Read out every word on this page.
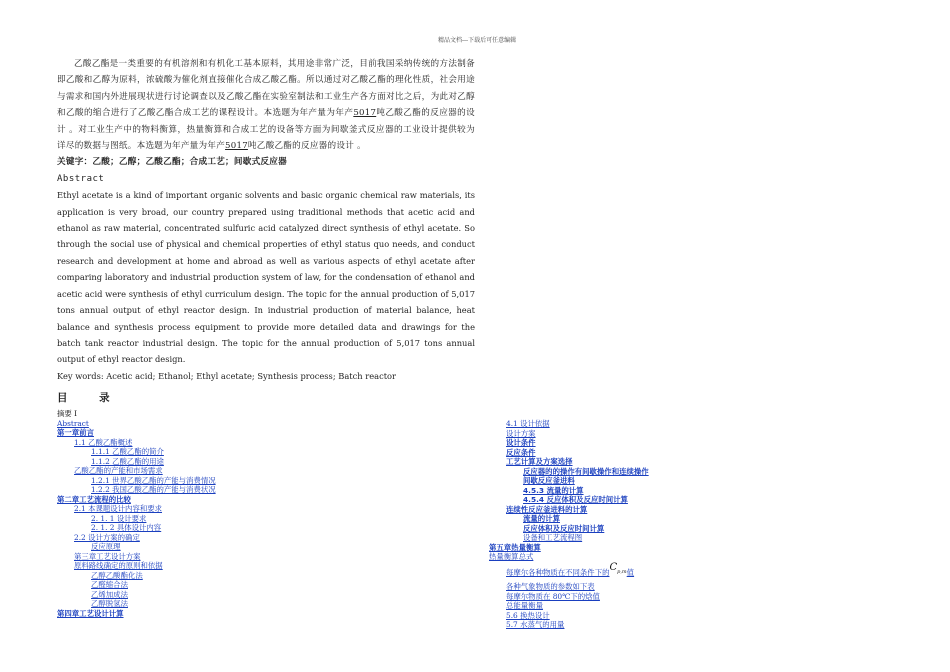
精品文档---下载后可任意编辑

乙酸乙酯是一类重要的有机溶剂和有机化工基本原料，其用途非常广泛，目前我国采纳传统的方法制备即乙酸和乙醇为原料，浓硫酸为催化剂直接催化合成乙酸乙酯。所以通过对乙酸乙酯的理化性质，社会用途与需求和国内外进展现状进行讨论调查以及乙酸乙酯在实验室制法和工业生产各方面对比之后，为此对乙醇和乙酸的缩合进行了乙酸乙酯合成工艺的课程设计。本选题为年产量为年产5017吨乙酸乙酯的反应器的设计 。对工业生产中的物料衡算，热量衡算和合成工艺的设备等方面为间歇釜式反应器的工业设计提供较为详尽的数据与图纸。本选题为年产量为年产5017吨乙酸乙酯的反应器的设计 。

关键字：乙酸；乙醇；乙酸乙酯；合成工艺；间歇式反应器

Abstract

Ethyl acetate is a kind of important organic solvents and basic organic chemical raw materials, its application is very broad, our country prepared using traditional methods that acetic acid and ethanol as raw material, concentrated sulfuric acid catalyzed direct synthesis of ethyl acetate. So through the social use of physical and chemical properties of ethyl status quo needs, and conduct research and development at home and abroad as well as various aspects of ethyl acetate after comparing laboratory and industrial production system of law, for the condensation of ethanol and acetic acid were synthesis of ethyl curriculum design. The topic for the annual production of 5,017 tons annual output of ethyl reactor design. In industrial production of material balance, heat balance and synthesis process equipment to provide more detailed data and drawings for the batch tank reactor industrial design. The topic for the annual production of 5,017 tons annual output of ethyl reactor design.

Key words: Acetic acid; Ethanol; Ethyl acetate; Synthesis process; Batch reactor

目 录
摘要 I
Abstract
第一章前言
1.1 乙酸乙酯概述
1.1.1 乙酸乙酯的简介
1.1.2 乙酸乙酯的用途
乙酸乙酯的产能和市场需求
1.2.1 世界乙酸乙酯的产能与消费情况
1.2.2 我国乙酸乙酯的产能与消费状况
第二章工艺流程的比较
2.1 本课题设计内容和要求
2. 1. 1 设计要求
2. 1. 2 具体设计内容
2.2 设计方案的确定
反应原理
第三章工艺设计方案
原料路线确定的原则和依据
乙醇乙酸酯化法
乙醛缩合法
乙烯加成法
乙醇脱氢法
第四章工艺设计计算
4.1 设计依据
设计方案
设计条件
反应条件
工艺计算及方案选择
反应器的的操作有间歇操作和连续操作
间歇反应釜进料
4.5.3 流量的计算
4.5.4 反应体积及反应时间计算
连续性反应釜进料的计算
流量的计算
反应体积及反应时间计算
设备和工艺流程图
第五章热量衡算
热量衡算总式
每摩尔各种物质在不同条件下的$C_{p,m}$值
各种气象物质的参数如下表
每摩尔物质在 80℃下的焓值
总能量衡量
5.6 换热设计
5.7 水蒸气的用量
